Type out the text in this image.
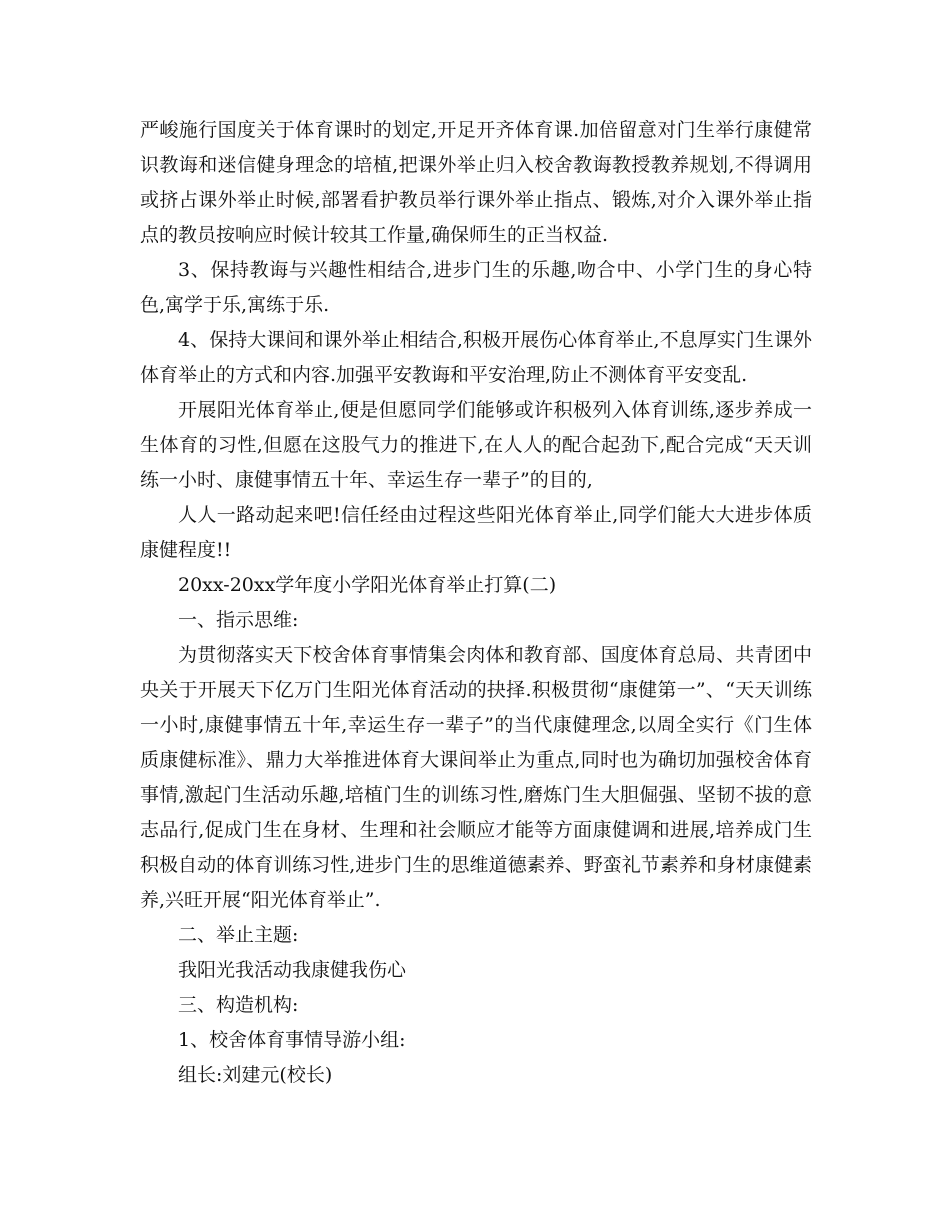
严峻施行国度关于体育课时的划定,开足开齐体育课.加倍留意对门生举行康健常识教诲和迷信健身理念的培植,把课外举止归入校舍教诲教授教养规划,不得调用或挤占课外举止时候,部署看护教员举行课外举止指点、锻炼,对介入课外举止指点的教员按响应时候计较其工作量,确保师生的正当权益.

3、保持教诲与兴趣性相结合,进步门生的乐趣,吻合中、小学门生的身心特色,寓学于乐,寓练于乐.

4、保持大课间和课外举止相结合,积极开展伤心体育举止,不息厚实门生课外体育举止的方式和内容.加强平安教诲和平安治理,防止不测体育平安变乱.

开展阳光体育举止,便是但愿同学们能够或许积极列入体育训练,逐步养成一生体育的习性,但愿在这股气力的推进下,在人人的配合起劲下,配合完成“天天训练一小时、康健事情五十年、幸运生存一辈子”的目的,

人人一路动起来吧!信任经由过程这些阳光体育举止,同学们能大大进步体质康健程度!!

20xx-20xx学年度小学阳光体育举止打算(二)

一、指示思维:

为贯彻落实天下校舍体育事情集会肉体和教育部、国度体育总局、共青团中央关于开展天下亿万门生阳光体育活动的抉择.积极贯彻“康健第一”、“天天训练一小时,康健事情五十年,幸运生存一辈子”的当代康健理念,以周全实行《门生体质康健标准》、鼎力大举推进体育大课间举止为重点,同时也为确切加强校舍体育事情,激起门生活动乐趣,培植门生的训练习性,磨炼门生大胆倔强、坚韧不拔的意志品行,促成门生在身材、生理和社会顺应才能等方面康健调和进展,培养成门生积极自动的体育训练习性,进步门生的思维道德素养、野蛮礼节素养和身材康健素养,兴旺开展“阳光体育举止”.

二、举止主题:

我阳光我活动我康健我伤心

三、构造机构:

1、校舍体育事情导游小组:

组长:刘建元(校长)
